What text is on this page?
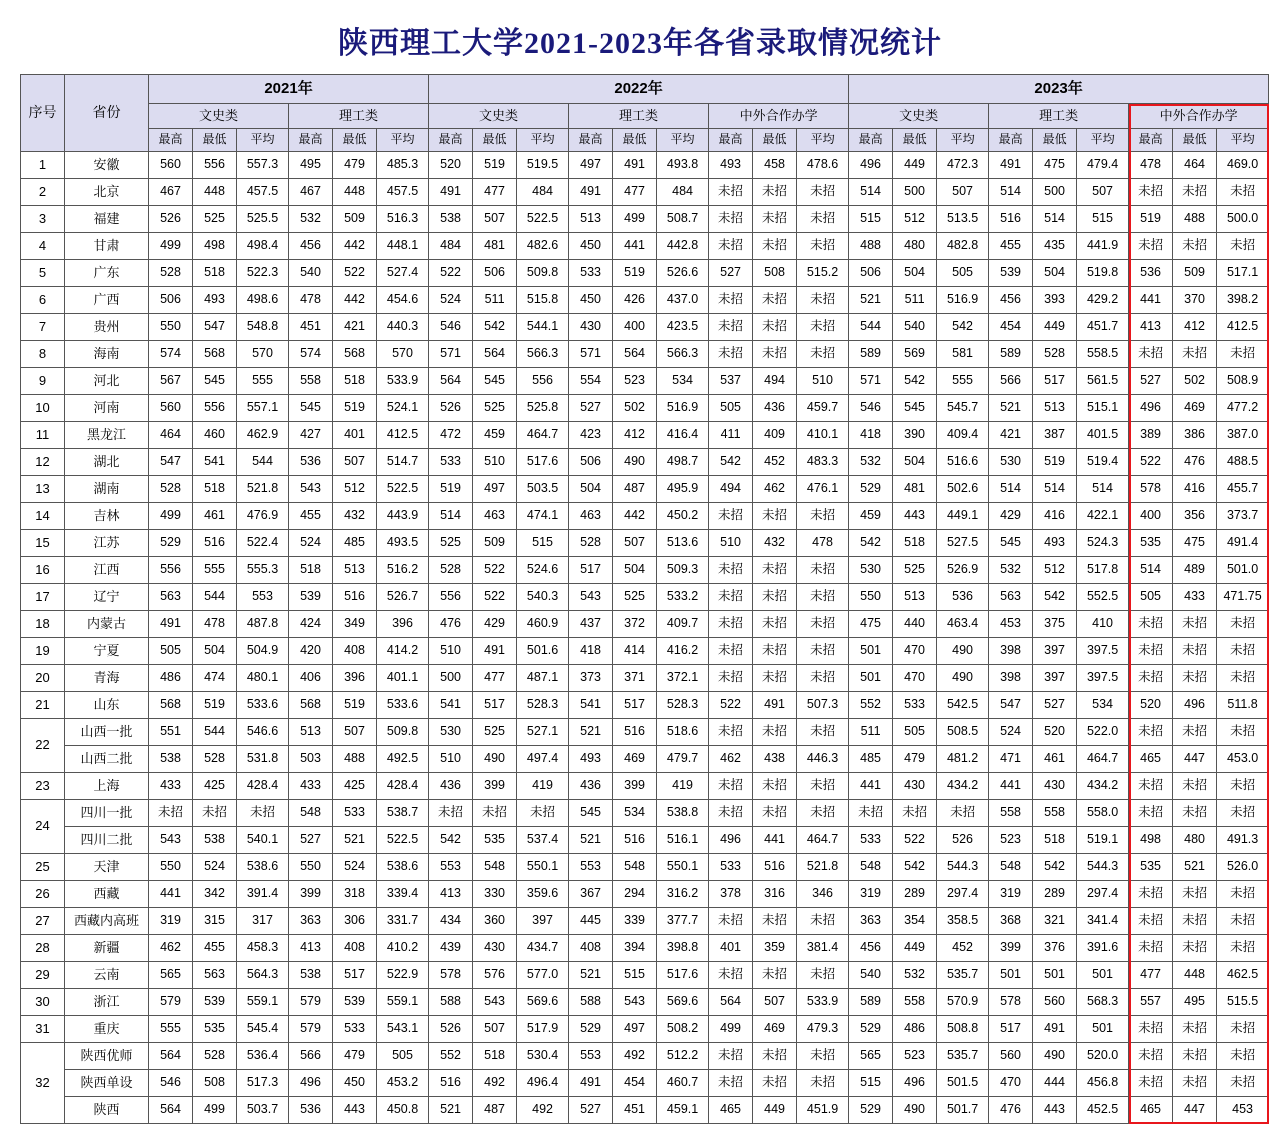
陕西理工大学2021-2023年各省录取情况统计
序号	省份	2021年						2022年									2023年								
		文史类			理工类			文史类			理工类			中外合作办学			文史类			理工类			中外合作办学		
		最高	最低	平均	最高	最低	平均	最高	最低	平均	最高	最低	平均	最高	最低	平均	最高	最低	平均	最高	最低	平均	最高	最低	平均
1	安徽	560	556	557.3	495	479	485.3	520	519	519.5	497	491	493.8	493	458	478.6	496	449	472.3	491	475	479.4	478	464	469.0
2	北京	467	448	457.5	467	448	457.5	491	477	484	491	477	484	未招	未招	未招	514	500	507	514	500	507	未招	未招	未招
3	福建	526	525	525.5	532	509	516.3	538	507	522.5	513	499	508.7	未招	未招	未招	515	512	513.5	516	514	515	519	488	500.0
4	甘肃	499	498	498.4	456	442	448.1	484	481	482.6	450	441	442.8	未招	未招	未招	488	480	482.8	455	435	441.9	未招	未招	未招
5	广东	528	518	522.3	540	522	527.4	522	506	509.8	533	519	526.6	527	508	515.2	506	504	505	539	504	519.8	536	509	517.1
6	广西	506	493	498.6	478	442	454.6	524	511	515.8	450	426	437.0	未招	未招	未招	521	511	516.9	456	393	429.2	441	370	398.2
7	贵州	550	547	548.8	451	421	440.3	546	542	544.1	430	400	423.5	未招	未招	未招	544	540	542	454	449	451.7	413	412	412.5
8	海南	574	568	570	574	568	570	571	564	566.3	571	564	566.3	未招	未招	未招	589	569	581	589	528	558.5	未招	未招	未招
9	河北	567	545	555	558	518	533.9	564	545	556	554	523	534	537	494	510	571	542	555	566	517	561.5	527	502	508.9
10	河南	560	556	557.1	545	519	524.1	526	525	525.8	527	502	516.9	505	436	459.7	546	545	545.7	521	513	515.1	496	469	477.2
11	黑龙江	464	460	462.9	427	401	412.5	472	459	464.7	423	412	416.4	411	409	410.1	418	390	409.4	421	387	401.5	389	386	387.0
12	湖北	547	541	544	536	507	514.7	533	510	517.6	506	490	498.7	542	452	483.3	532	504	516.6	530	519	519.4	522	476	488.5
13	湖南	528	518	521.8	543	512	522.5	519	497	503.5	504	487	495.9	494	462	476.1	529	481	502.6	514	514	514	578	416	455.7
14	吉林	499	461	476.9	455	432	443.9	514	463	474.1	463	442	450.2	未招	未招	未招	459	443	449.1	429	416	422.1	400	356	373.7
15	江苏	529	516	522.4	524	485	493.5	525	509	515	528	507	513.6	510	432	478	542	518	527.5	545	493	524.3	535	475	491.4
16	江西	556	555	555.3	518	513	516.2	528	522	524.6	517	504	509.3	未招	未招	未招	530	525	526.9	532	512	517.8	514	489	501.0
17	辽宁	563	544	553	539	516	526.7	556	522	540.3	543	525	533.2	未招	未招	未招	550	513	536	563	542	552.5	505	433	471.75
18	内蒙古	491	478	487.8	424	349	396	476	429	460.9	437	372	409.7	未招	未招	未招	475	440	463.4	453	375	410	未招	未招	未招
19	宁夏	505	504	504.9	420	408	414.2	510	491	501.6	418	414	416.2	未招	未招	未招	501	470	490	398	397	397.5	未招	未招	未招
20	青海	486	474	480.1	406	396	401.1	500	477	487.1	373	371	372.1	未招	未招	未招	501	470	490	398	397	397.5	未招	未招	未招
21	山东	568	519	533.6	568	519	533.6	541	517	528.3	541	517	528.3	522	491	507.3	552	533	542.5	547	527	534	520	496	511.8
22	山西一批	551	544	546.6	513	507	509.8	530	525	527.1	521	516	518.6	未招	未招	未招	511	505	508.5	524	520	522.0	未招	未招	未招
	山西二批	538	528	531.8	503	488	492.5	510	490	497.4	493	469	479.7	462	438	446.3	485	479	481.2	471	461	464.7	465	447	453.0
23	上海	433	425	428.4	433	425	428.4	436	399	419	436	399	419	未招	未招	未招	441	430	434.2	441	430	434.2	未招	未招	未招
24	四川一批	未招	未招	未招	548	533	538.7	未招	未招	未招	545	534	538.8	未招	未招	未招	未招	未招	未招	558	558	558.0	未招	未招	未招
	四川二批	543	538	540.1	527	521	522.5	542	535	537.4	521	516	516.1	496	441	464.7	533	522	526	523	518	519.1	498	480	491.3
25	天津	550	524	538.6	550	524	538.6	553	548	550.1	553	548	550.1	533	516	521.8	548	542	544.3	548	542	544.3	535	521	526.0
26	西藏	441	342	391.4	399	318	339.4	413	330	359.6	367	294	316.2	378	316	346	319	289	297.4	319	289	297.4	未招	未招	未招
27	西藏内高班	319	315	317	363	306	331.7	434	360	397	445	339	377.7	未招	未招	未招	363	354	358.5	368	321	341.4	未招	未招	未招
28	新疆	462	455	458.3	413	408	410.2	439	430	434.7	408	394	398.8	401	359	381.4	456	449	452	399	376	391.6	未招	未招	未招
29	云南	565	563	564.3	538	517	522.9	578	576	577.0	521	515	517.6	未招	未招	未招	540	532	535.7	501	501	501	477	448	462.5
30	浙江	579	539	559.1	579	539	559.1	588	543	569.6	588	543	569.6	564	507	533.9	589	558	570.9	578	560	568.3	557	495	515.5
31	重庆	555	535	545.4	579	533	543.1	526	507	517.9	529	497	508.2	499	469	479.3	529	486	508.8	517	491	501	未招	未招	未招
32	陕西优师	564	528	536.4	566	479	505	552	518	530.4	553	492	512.2	未招	未招	未招	565	523	535.7	560	490	520.0	未招	未招	未招
	陕西单设	546	508	517.3	496	450	453.2	516	492	496.4	491	454	460.7	未招	未招	未招	515	496	501.5	470	444	456.8	未招	未招	未招
	陕西	564	499	503.7	536	443	450.8	521	487	492	527	451	459.1	465	449	451.9	529	490	501.7	476	443	452.5	465	447	453
